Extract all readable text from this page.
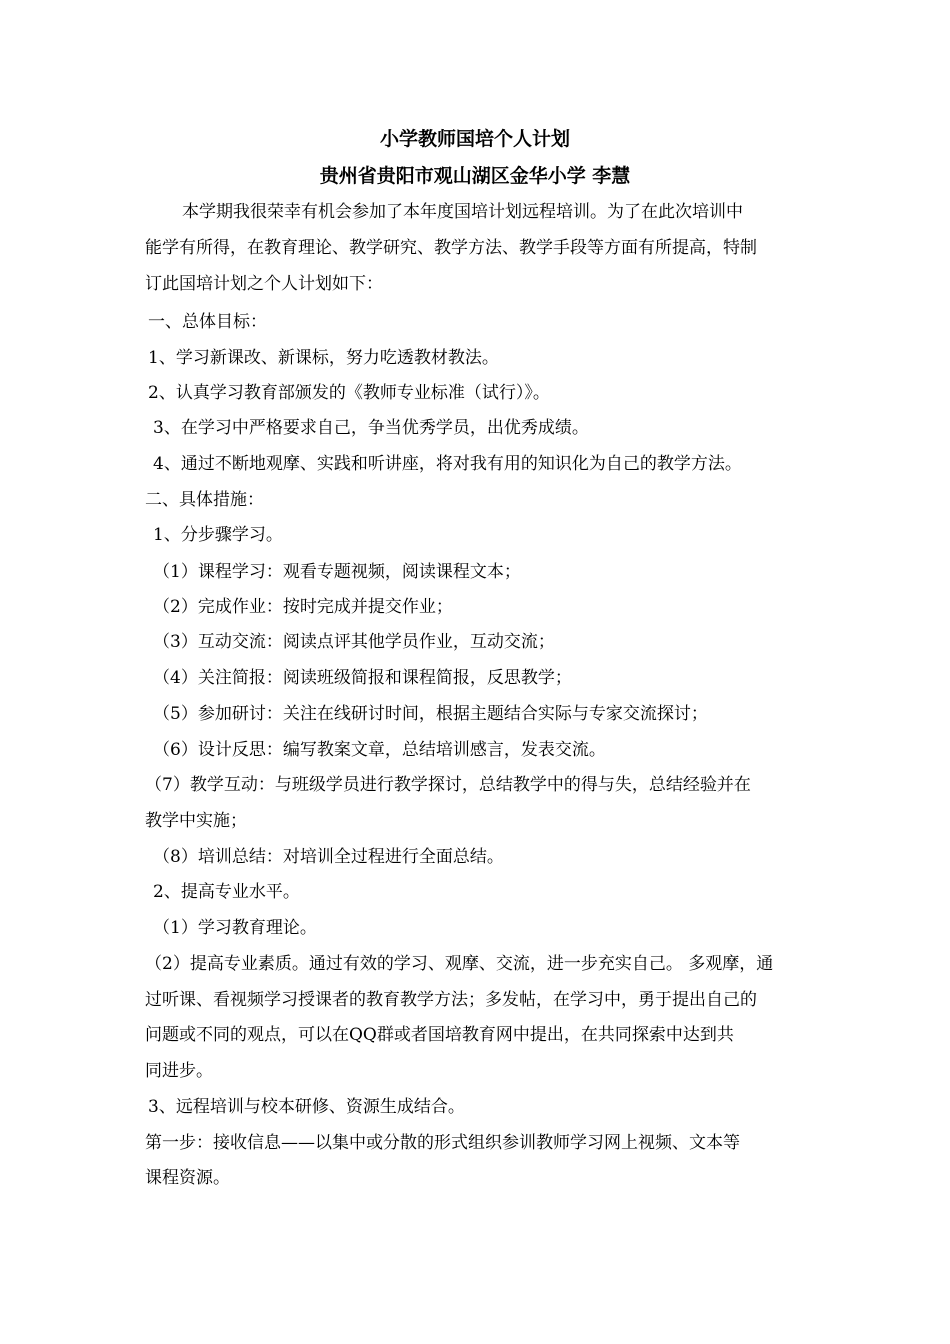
小学教师国培个人计划
贵州省贵阳市观山湖区金华小学 李慧
本学期我很荣幸有机会参加了本年度国培计划远程培训。为了在此次培训中
能学有所得，在教育理论、教学研究、教学方法、教学手段等方面有所提高，特制
订此国培计划之个人计划如下：
一、总体目标：
1、学习新课改、新课标，努力吃透教材教法。
2、认真学习教育部颁发的《教师专业标准（试行）》。
3、在学习中严格要求自己，争当优秀学员，出优秀成绩。
4、通过不断地观摩、实践和听讲座，将对我有用的知识化为自己的教学方法。
二、具体措施：
1、分步骤学习。
（1）课程学习：观看专题视频，阅读课程文本；
（2）完成作业：按时完成并提交作业；
（3）互动交流：阅读点评其他学员作业，互动交流；
（4）关注简报：阅读班级简报和课程简报，反思教学；
（5）参加研讨：关注在线研讨时间，根据主题结合实际与专家交流探讨；
（6）设计反思：编写教案文章，总结培训感言，发表交流。
（7）教学互动：与班级学员进行教学探讨，总结教学中的得与失，总结经验并在
教学中实施；
（8）培训总结：对培训全过程进行全面总结。
2、提高专业水平。
（1）学习教育理论。
（2）提高专业素质。通过有效的学习、观摩、交流，进一步充实自己。 多观摩，通
过听课、看视频学习授课者的教育教学方法；多发帖，在学习中，勇于提出自己的
问题或不同的观点，可以在QQ群或者国培教育网中提出，在共同探索中达到共
同进步。
3、远程培训与校本研修、资源生成结合。
第一步：接收信息——以集中或分散的形式组织参训教师学习网上视频、文本等
课程资源。
